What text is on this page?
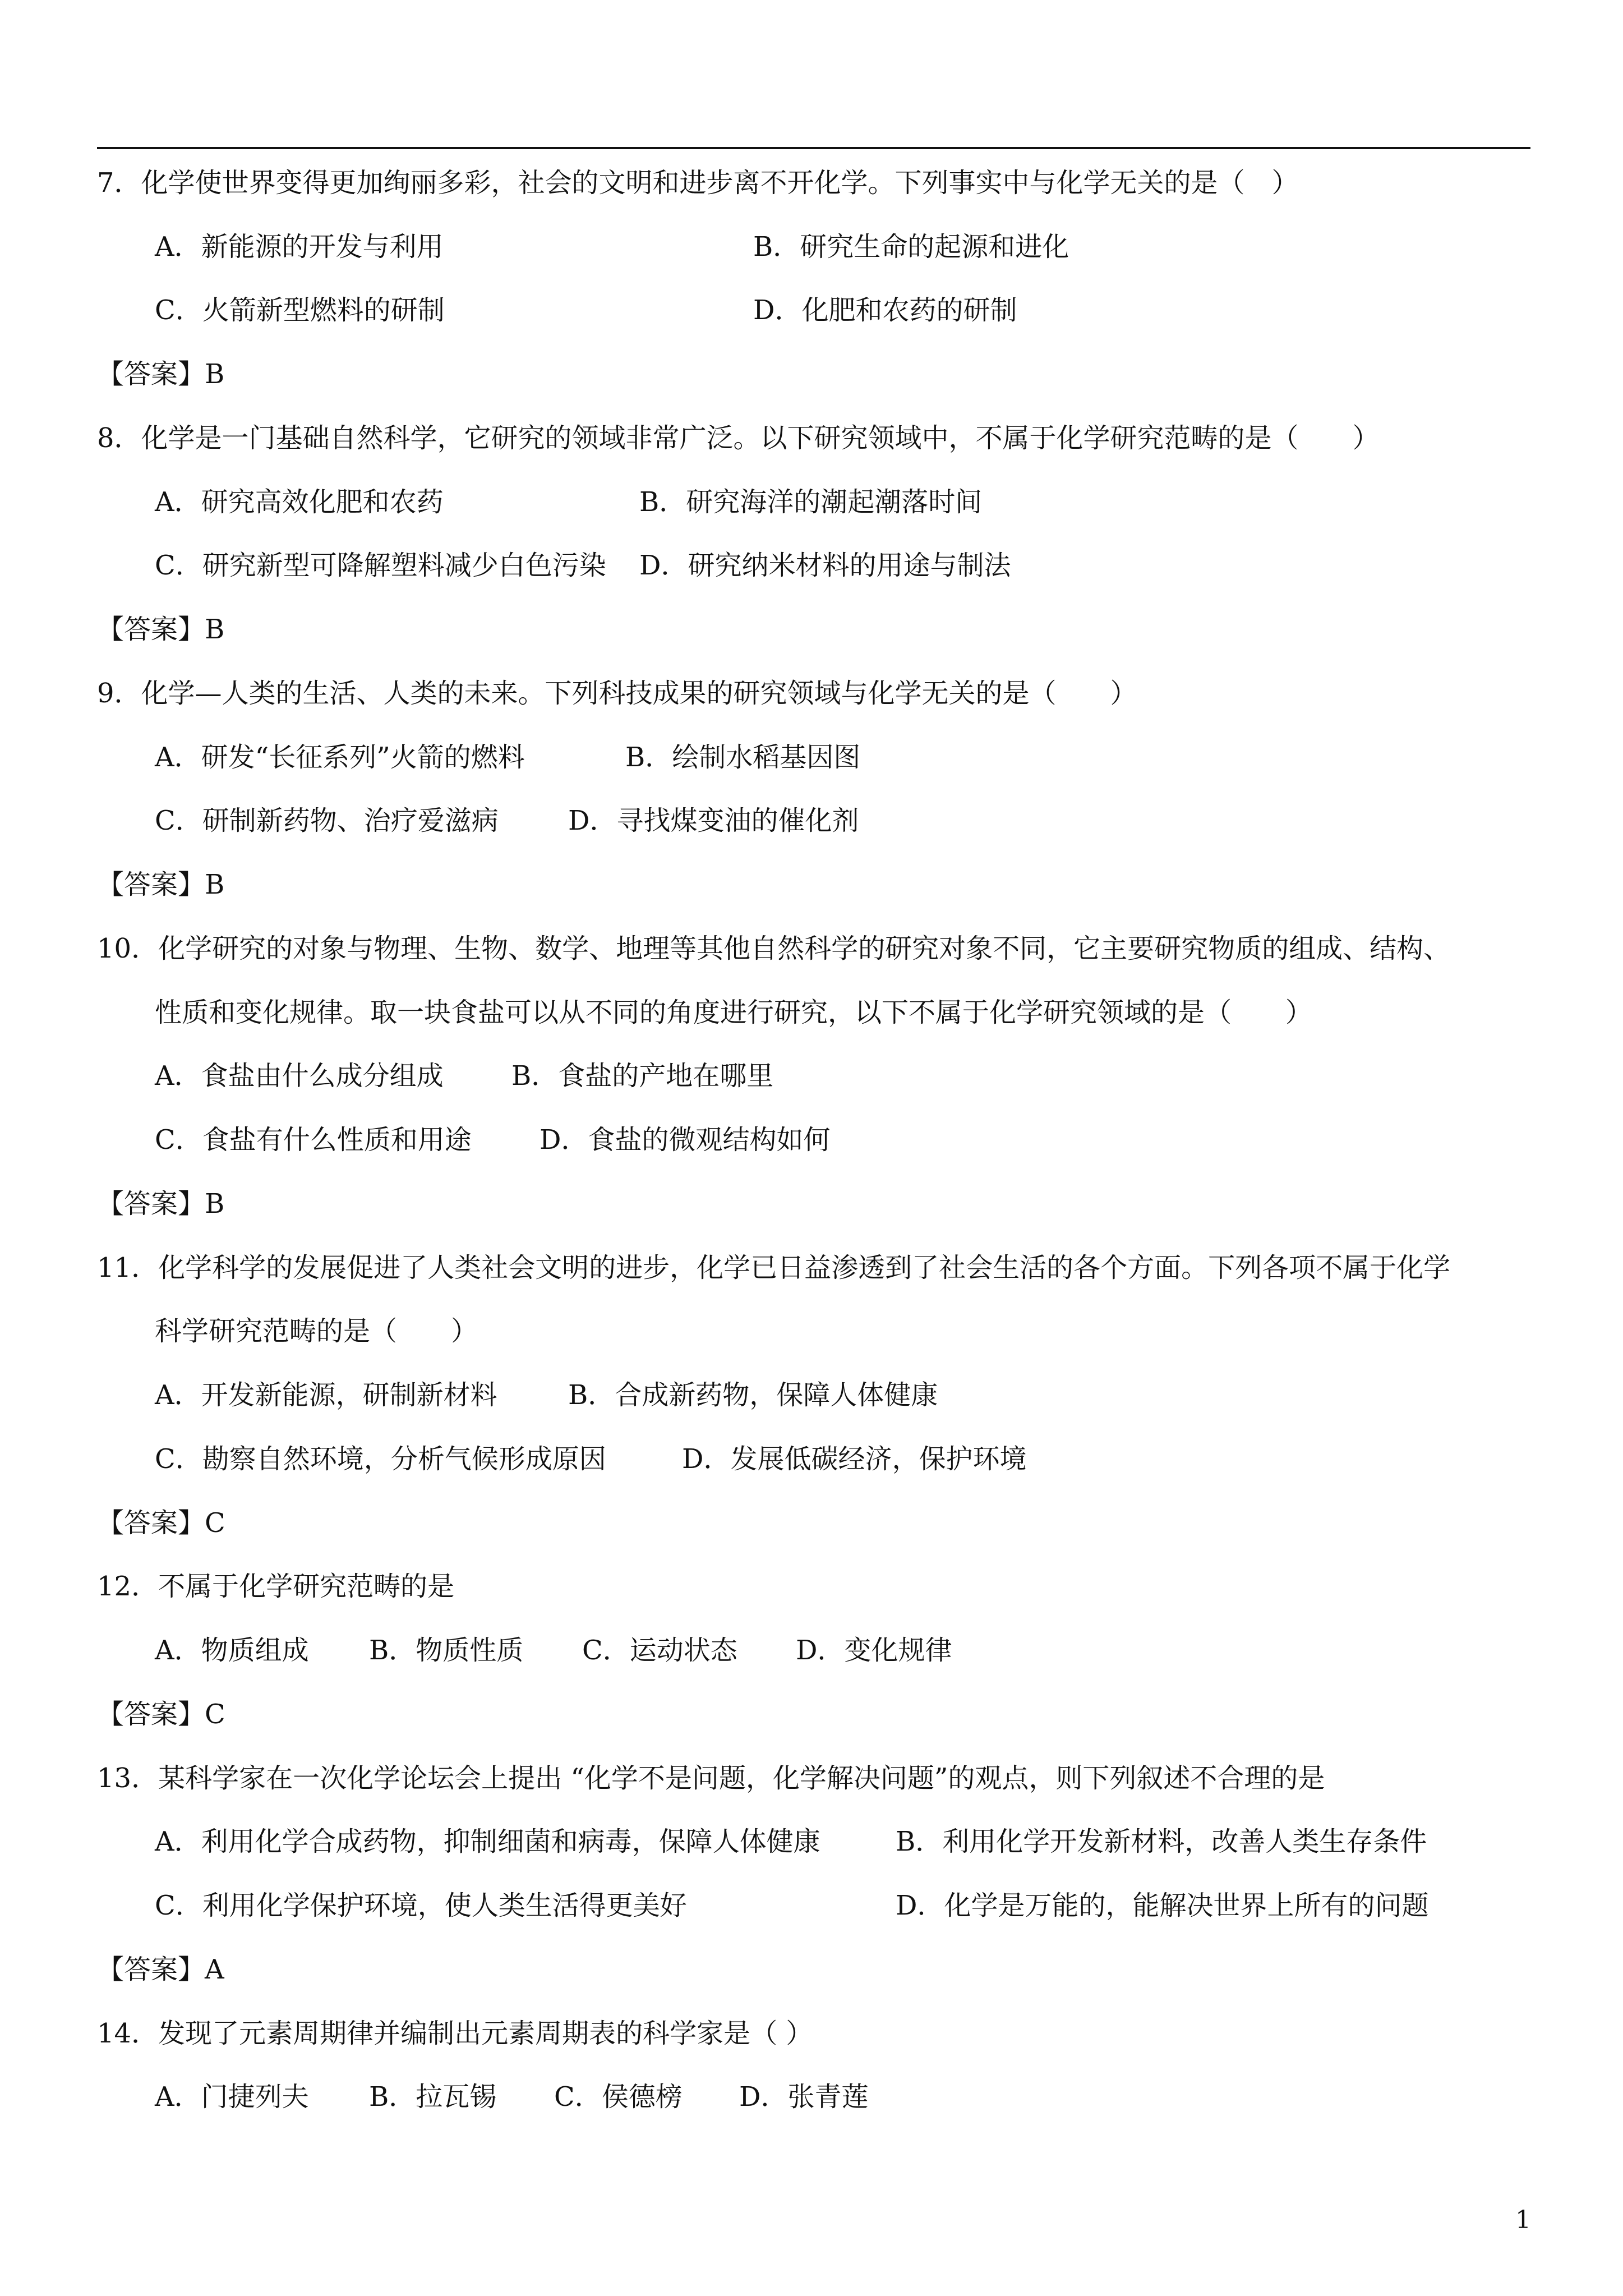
7．化学使世界变得更加绚丽多彩，社会的文明和进步离不开化学。下列事实中与化学无关的是（　）
A．新能源的开发与利用	B．研究生命的起源和进化
C．火箭新型燃料的研制	D．化肥和农药的研制
【答案】B
8．化学是一门基础自然科学，它研究的领域非常广泛。以下研究领域中，不属于化学研究范畴的是（　　）
A．研究高效化肥和农药	B．研究海洋的潮起潮落时间
C．研究新型可降解塑料减少白色污染 D．研究纳米材料的用途与制法
【答案】B
9．化学—人类的生活、人类的未来。下列科技成果的研究领域与化学无关的是（　　）
A．研发“长征系列”火箭的燃料	B．绘制水稻基因图
C．研制新药物、治疗爱滋病	D．寻找煤变油的催化剂
【答案】B
10．化学研究的对象与物理、生物、数学、地理等其他自然科学的研究对象不同，它主要研究物质的组成、结构、
性质和变化规律。取一块食盐可以从不同的角度进行研究，以下不属于化学研究领域的是（　　）
A．食盐由什么成分组成	B．食盐的产地在哪里
C．食盐有什么性质和用途	D．食盐的微观结构如何
【答案】B
11．化学科学的发展促进了人类社会文明的进步，化学已日益渗透到了社会生活的各个方面。下列各项不属于化学
科学研究范畴的是（　　）
A．开发新能源，研制新材料	B．合成新药物，保障人体健康
C．勘察自然环境，分析气候形成原因	D．发展低碳经济，保护环境
【答案】C
12．不属于化学研究范畴的是
A．物质组成 B．物质性质 C．运动状态 D．变化规律
【答案】C
13．某科学家在一次化学论坛会上提出 “化学不是问题，化学解决问题”的观点，则下列叙述不合理的是
A．利用化学合成药物，抑制细菌和病毒，保障人体健康	B．利用化学开发新材料，改善人类生存条件
C．利用化学保护环境，使人类生活得更美好	D．化学是万能的，能解决世界上所有的问题
【答案】A
14．发现了元素周期律并编制出元素周期表的科学家是（ ）
A．门捷列夫 B．拉瓦锡 C．侯德榜 D．张青莲
1
